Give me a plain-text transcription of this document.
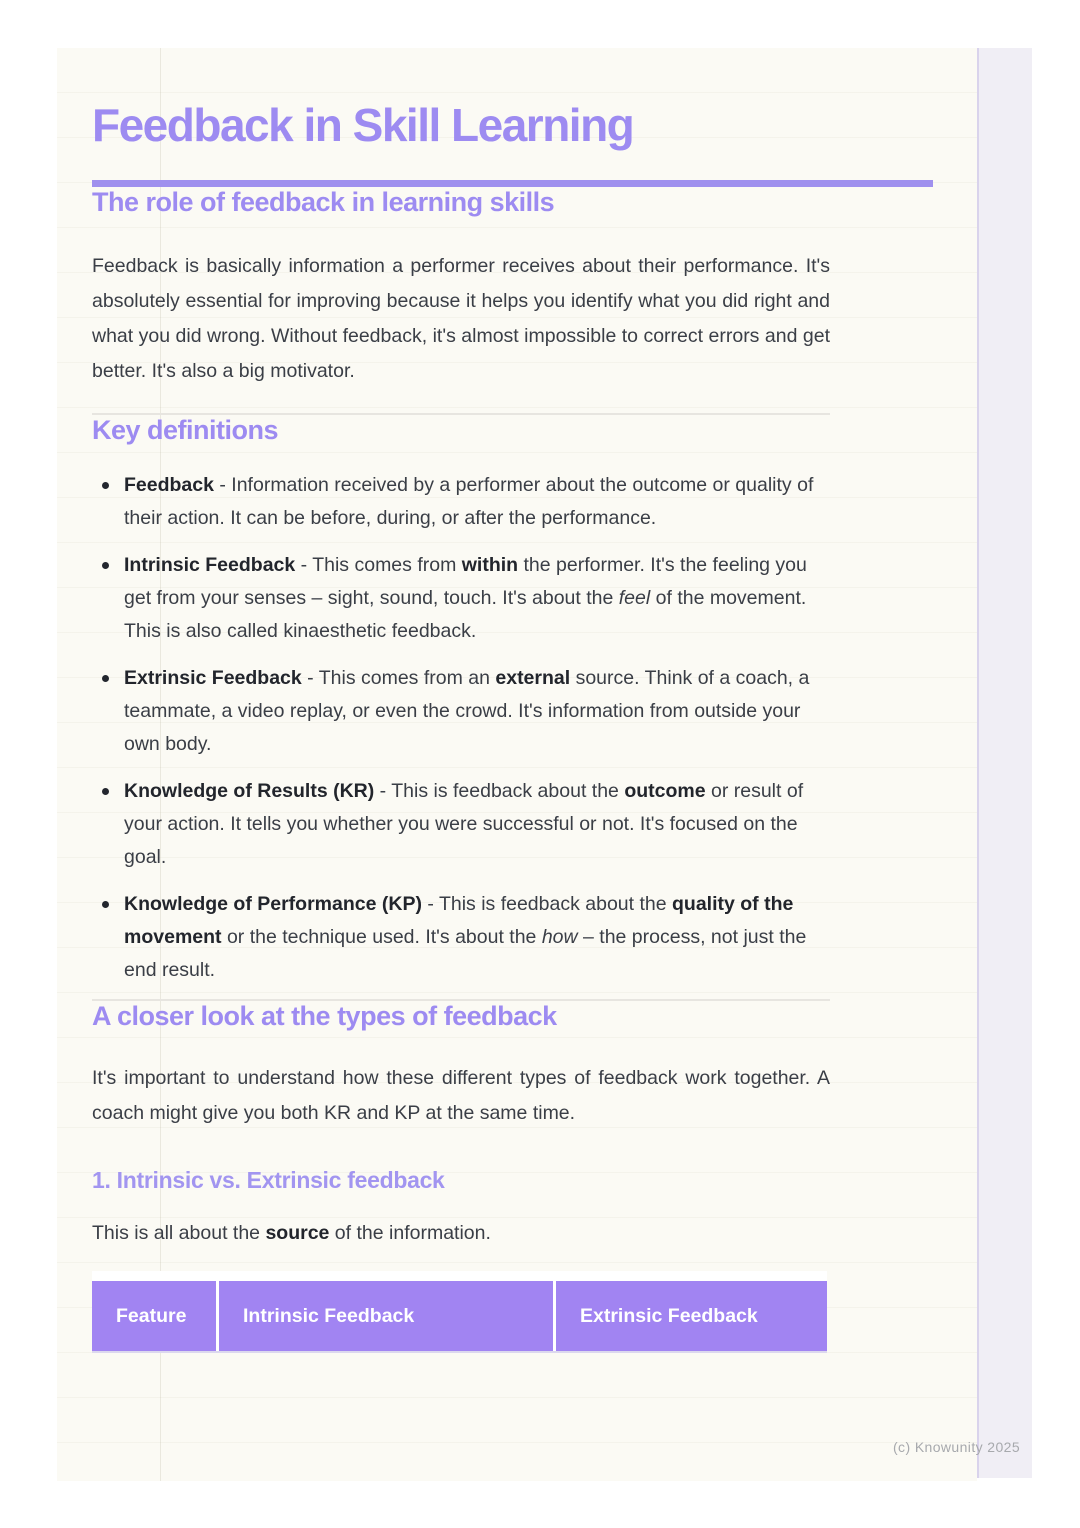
Feedback in Skill Learning
The role of feedback in learning skills

Feedback is basically information a performer receives about their performance. It's absolutely essential for improving because it helps you identify what you did right and what you did wrong. Without feedback, it's almost impossible to correct errors and get better. It's also a big motivator.

Key definitions
Feedback - Information received by a performer about the outcome or quality of their action. It can be before, during, or after the performance.
Intrinsic Feedback - This comes from within the performer. It's the feeling you get from your senses – sight, sound, touch. It's about the feel of the movement. This is also called kinaesthetic feedback.
Extrinsic Feedback - This comes from an external source. Think of a coach, a teammate, a video replay, or even the crowd. It's information from outside your own body.
Knowledge of Results (KR) - This is feedback about the outcome or result of your action. It tells you whether you were successful or not. It's focused on the goal.
Knowledge of Performance (KP) - This is feedback about the quality of the movement or the technique used. It's about the how – the process, not just the end result.
A closer look at the types of feedback

It's important to understand how these different types of feedback work together. A coach might give you both KR and KP at the same time.

1. Intrinsic vs. Extrinsic feedback

This is all about the source of the information.

Feature	Intrinsic Feedback	Extrinsic Feedback
(c) Knowunity 2025
